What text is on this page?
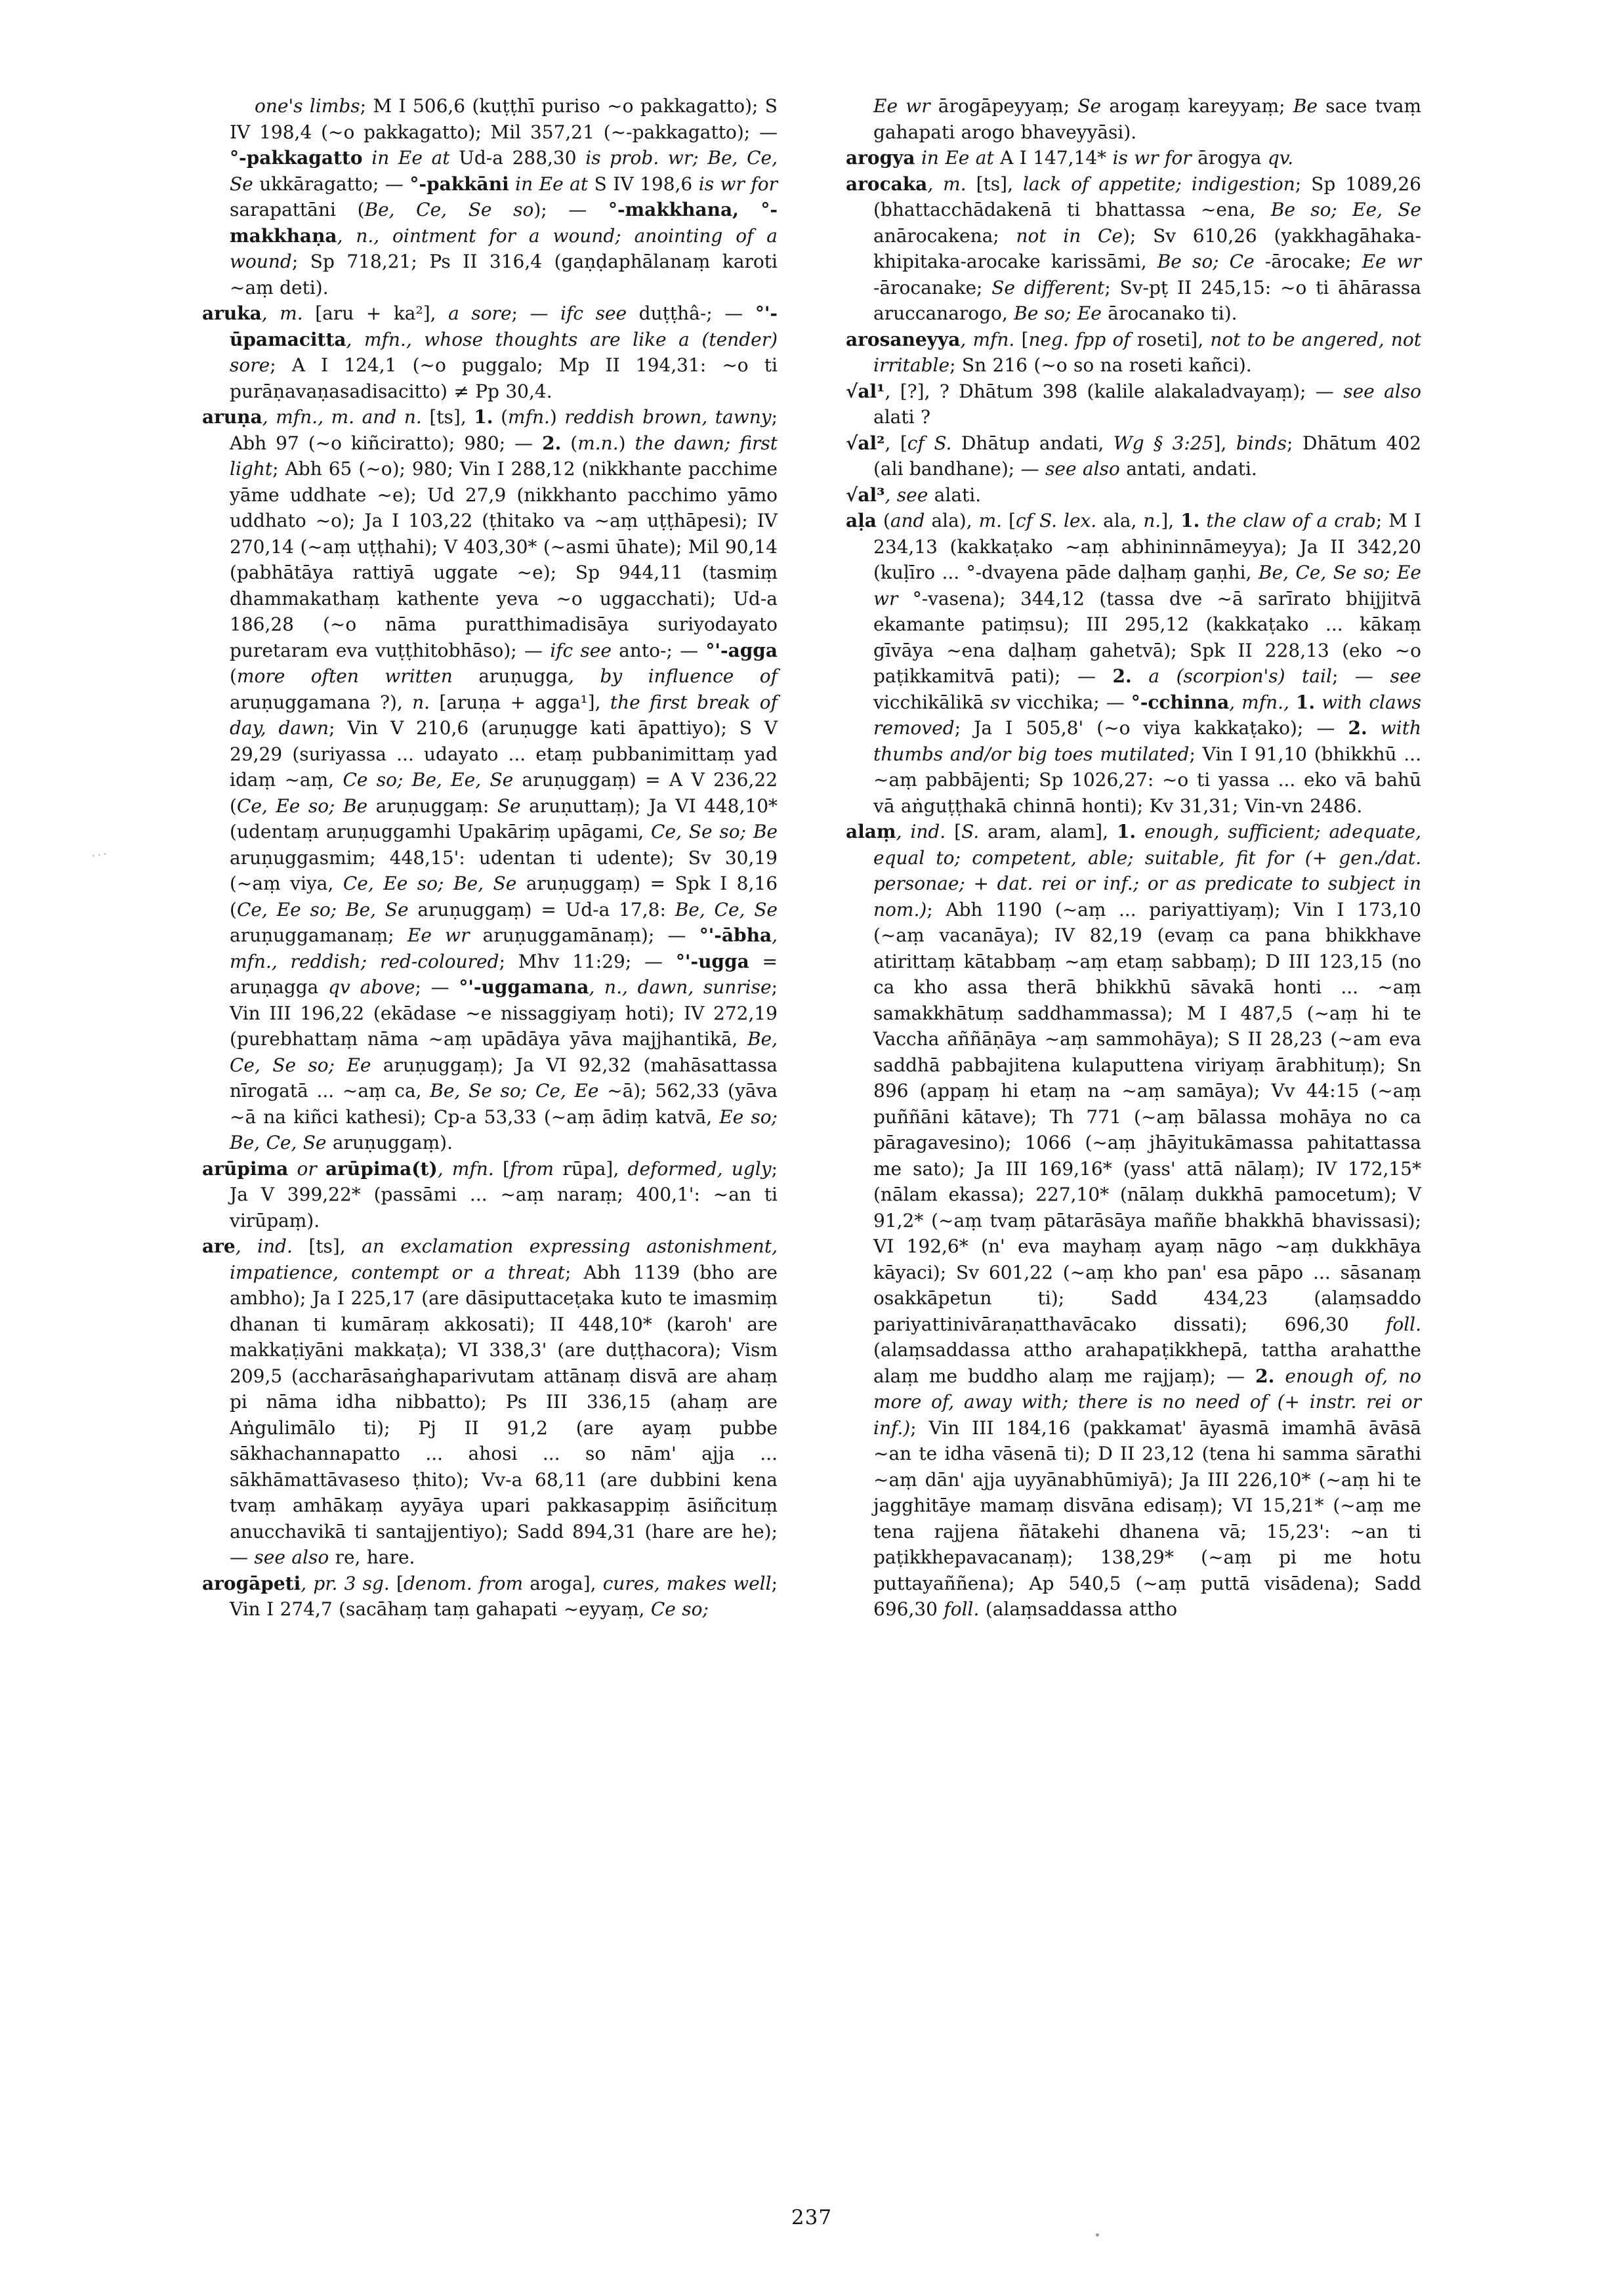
one's limbs; M I 506,6 (kuṭṭhī puriso ~o pakkagatto); S IV 198,4 (~o pakkagatto); Mil 357,21 (~-pakkagatto); — °-pakkagatto in Ee at Ud-a 288,30 is prob. wr; Be, Ce, Se ukkāragatto; — °-pakkāni in Ee at S IV 198,6 is wr for sarapattāni (Be, Ce, Se so); — °-makkhana, °-makkhaṇa, n., ointment for a wound; anointing of a wound; Sp 718,21; Ps II 316,4 (gaṇḍaphālanaṃ karoti ~aṃ deti).

aruka, m. [aru + ka²], a sore; — ifc see duṭṭhâ-; — °'-ūpamacitta, mfn., whose thoughts are like a (tender) sore; A I 124,1 (~o puggalo; Mp II 194,31: ~o ti purāṇavaṇasadisacitto) ≠ Pp 30,4.

aruṇa, mfn., m. and n. [ts], 1. (mfn.) reddish brown, tawny; Abh 97 (~o kiñciratto); 980; — 2. (m.n.) the dawn; first light; Abh 65 (~o); 980; Vin I 288,12 (nikkhante pacchime yāme uddhate ~e); Ud 27,9 (nikkhanto pacchimo yāmo uddhato ~o); Ja I 103,22 (ṭhitako va ~aṃ uṭṭhāpesi); IV 270,14 (~aṃ uṭṭhahi); V 403,30* (~asmi ūhate); Mil 90,14 (pabhātāya rattiyā uggate ~e); Sp 944,11 (tasmiṃ dhammakathaṃ kathente yeva ~o uggacchati); Ud-a 186,28 (~o nāma puratthimadisāya suriyodayato puretaram eva vuṭṭhitobhāso); — ifc see anto-; — °'-agga (more often written aruṇugga, by influence of aruṇuggamana ?), n. [aruṇa + agga¹], the first break of day, dawn; Vin V 210,6 (aruṇugge kati āpattiyo); S V 29,29 (suriyassa ... udayato ... etaṃ pubbanimittaṃ yad idaṃ ~aṃ, Ce so; Be, Ee, Se aruṇuggaṃ) = A V 236,22 (Ce, Ee so; Be aruṇuggaṃ: Se aruṇuttaṃ); Ja VI 448,10* (udentaṃ aruṇuggamhi Upakāriṃ upāgami, Ce, Se so; Be aruṇuggasmim; 448,15': udentan ti udente); Sv 30,19 (~aṃ viya, Ce, Ee so; Be, Se aruṇuggaṃ) = Spk I 8,16 (Ce, Ee so; Be, Se aruṇuggaṃ) = Ud-a 17,8: Be, Ce, Se aruṇuggamanaṃ; Ee wr aruṇuggamānaṃ); — °'-ābha, mfn., reddish; red-coloured; Mhv 11:29; — °'-ugga = aruṇagga qv above; — °'-uggamana, n., dawn, sunrise; Vin III 196,22 (ekādase ~e nissaggiyaṃ hoti); IV 272,19 (purebhattaṃ nāma ~aṃ upādāya yāva majjhantikā, Be, Ce, Se so; Ee aruṇuggaṃ); Ja VI 92,32 (mahāsattassa nīrogatā ... ~aṃ ca, Be, Se so; Ce, Ee ~ā); 562,33 (yāva ~ā na kiñci kathesi); Cp-a 53,33 (~aṃ ādiṃ katvā, Ee so; Be, Ce, Se aruṇuggaṃ).

arūpima or arūpima(t), mfn. [from rūpa], deformed, ugly; Ja V 399,22* (passāmi ... ~aṃ naraṃ; 400,1': ~an ti virūpaṃ).

are, ind. [ts], an exclamation expressing astonishment, impatience, contempt or a threat; Abh 1139 (bho are ambho); Ja I 225,17 (are dāsiputtaceṭaka kuto te imasmiṃ dhanan ti kumāraṃ akkosati); II 448,10* (karoh' are makkaṭiyāni makkaṭa); VI 338,3' (are duṭṭhacora); Vism 209,5 (accharāsaṅghaparivutam attānaṃ disvā are ahaṃ pi nāma idha nibbatto); Ps III 336,15 (ahaṃ are Aṅgulimālo ti); Pj II 91,2 (are ayaṃ pubbe sākhachannapatto ... ahosi ... so nām' ajja ... sākhāmattāvaseso ṭhito); Vv-a 68,11 (are dubbini kena tvaṃ amhākaṃ ayyāya upari pakkasappiṃ āsiñcituṃ anucchavikā ti santajjentiyo); Sadd 894,31 (hare are he); — see also re, hare.

arogāpeti, pr. 3 sg. [denom. from aroga], cures, makes well; Vin I 274,7 (sacāhaṃ taṃ gahapati ~eyyaṃ, Ce so;

Ee wr ārogāpeyyaṃ; Se arogaṃ kareyyaṃ; Be sace tvaṃ gahapati arogo bhaveyyāsi).

arogya in Ee at A I 147,14* is wr for ārogya qv.

arocaka, m. [ts], lack of appetite; indigestion; Sp 1089,26 (bhattacchādakenā ti bhattassa ~ena, Be so; Ee, Se anārocakena; not in Ce); Sv 610,26 (yakkhagāhaka-khipitaka-arocake karissāmi, Be so; Ce -ārocake; Ee wr -ārocanake; Se different; Sv-pṭ II 245,15: ~o ti āhārassa aruccanarogo, Be so; Ee ārocanako ti).

arosaneyya, mfn. [neg. fpp of roseti], not to be angered, not irritable; Sn 216 (~o so na roseti kañci).

√al¹, [?], ? Dhātum 398 (kalile alakaladvayaṃ); — see also alati ?

√al², [cf S. Dhātup andati, Wg § 3:25], binds; Dhātum 402 (ali bandhane); — see also antati, andati.

√al³, see alati.

aḷa (and ala), m. [cf S. lex. ala, n.], 1. the claw of a crab; M I 234,13 (kakkaṭako ~aṃ abhininnāmeyya); Ja II 342,20 (kuḷīro ... °-dvayena pāde daḷhaṃ gaṇhi, Be, Ce, Se so; Ee wr °-vasena); 344,12 (tassa dve ~ā sarīrato bhijjitvā ekamante patiṃsu); III 295,12 (kakkaṭako ... kākaṃ gīvāya ~ena daḷhaṃ gahetvā); Spk II 228,13 (eko ~o paṭikkamitvā pati); — 2. a (scorpion's) tail; — see vicchikālikā sv vicchika; — °-cchinna, mfn., 1. with claws removed; Ja I 505,8' (~o viya kakkaṭako); — 2. with thumbs and/or big toes mutilated; Vin I 91,10 (bhikkhū ... ~aṃ pabbājenti; Sp 1026,27: ~o ti yassa ... eko vā bahū vā aṅguṭṭhakā chinnā honti); Kv 31,31; Vin-vn 2486.

alaṃ, ind. [S. aram, alam], 1. enough, sufficient; adequate, equal to; competent, able; suitable, fit for (+ gen./dat. personae; + dat. rei or inf.; or as predicate to subject in nom.); Abh 1190 (~aṃ ... pariyattiyaṃ); Vin I 173,10 (~aṃ vacanāya); IV 82,19 (evaṃ ca pana bhikkhave atirittaṃ kātabbaṃ ~aṃ etaṃ sabbaṃ); D III 123,15 (no ca kho assa therā bhikkhū sāvakā honti ... ~aṃ samakkhātuṃ saddhammassa); M I 487,5 (~aṃ hi te Vaccha aññāṇāya ~aṃ sammohāya); S II 28,23 (~am eva saddhā pabbajitena kulaputtena viriyaṃ ārabhituṃ); Sn 896 (appaṃ hi etaṃ na ~aṃ samāya); Vv 44:15 (~aṃ puññāni kātave); Th 771 (~aṃ bālassa mohāya no ca pāragavesino); 1066 (~aṃ jhāyitukāmassa pahitattassa me sato); Ja III 169,16* (yass' attā nālaṃ); IV 172,15* (nālam ekassa); 227,10* (nālaṃ dukkhā pamocetum); V 91,2* (~aṃ tvaṃ pātarāsāya maññe bhakkhā bhavissasi); VI 192,6* (n' eva mayhaṃ ayaṃ nāgo ~aṃ dukkhāya kāyaci); Sv 601,22 (~aṃ kho pan' esa pāpo ... sāsanaṃ osakkāpetun ti); Sadd 434,23 (alaṃsaddo pariyattinivāraṇatthavācako dissati); 696,30 foll. (alaṃsaddassa attho arahapaṭikkhepā, tattha arahatthe alaṃ me buddho alaṃ me rajjaṃ); — 2. enough of, no more of, away with; there is no need of (+ instr. rei or inf.); Vin III 184,16 (pakkamat' āyasmā imamhā āvāsā ~an te idha vāsenā ti); D II 23,12 (tena hi samma sārathi ~aṃ dān' ajja uyyānabhūmiyā); Ja III 226,10* (~aṃ hi te jagghitāye mamaṃ disvāna edisaṃ); VI 15,21* (~aṃ me tena rajjena ñātakehi dhanena vā; 15,23': ~an ti paṭikkhepavacanaṃ); 138,29* (~aṃ pi me hotu puttayaññena); Ap 540,5 (~aṃ puttā visādena); Sadd 696,30 foll. (alaṃsaddassa attho

237
...
